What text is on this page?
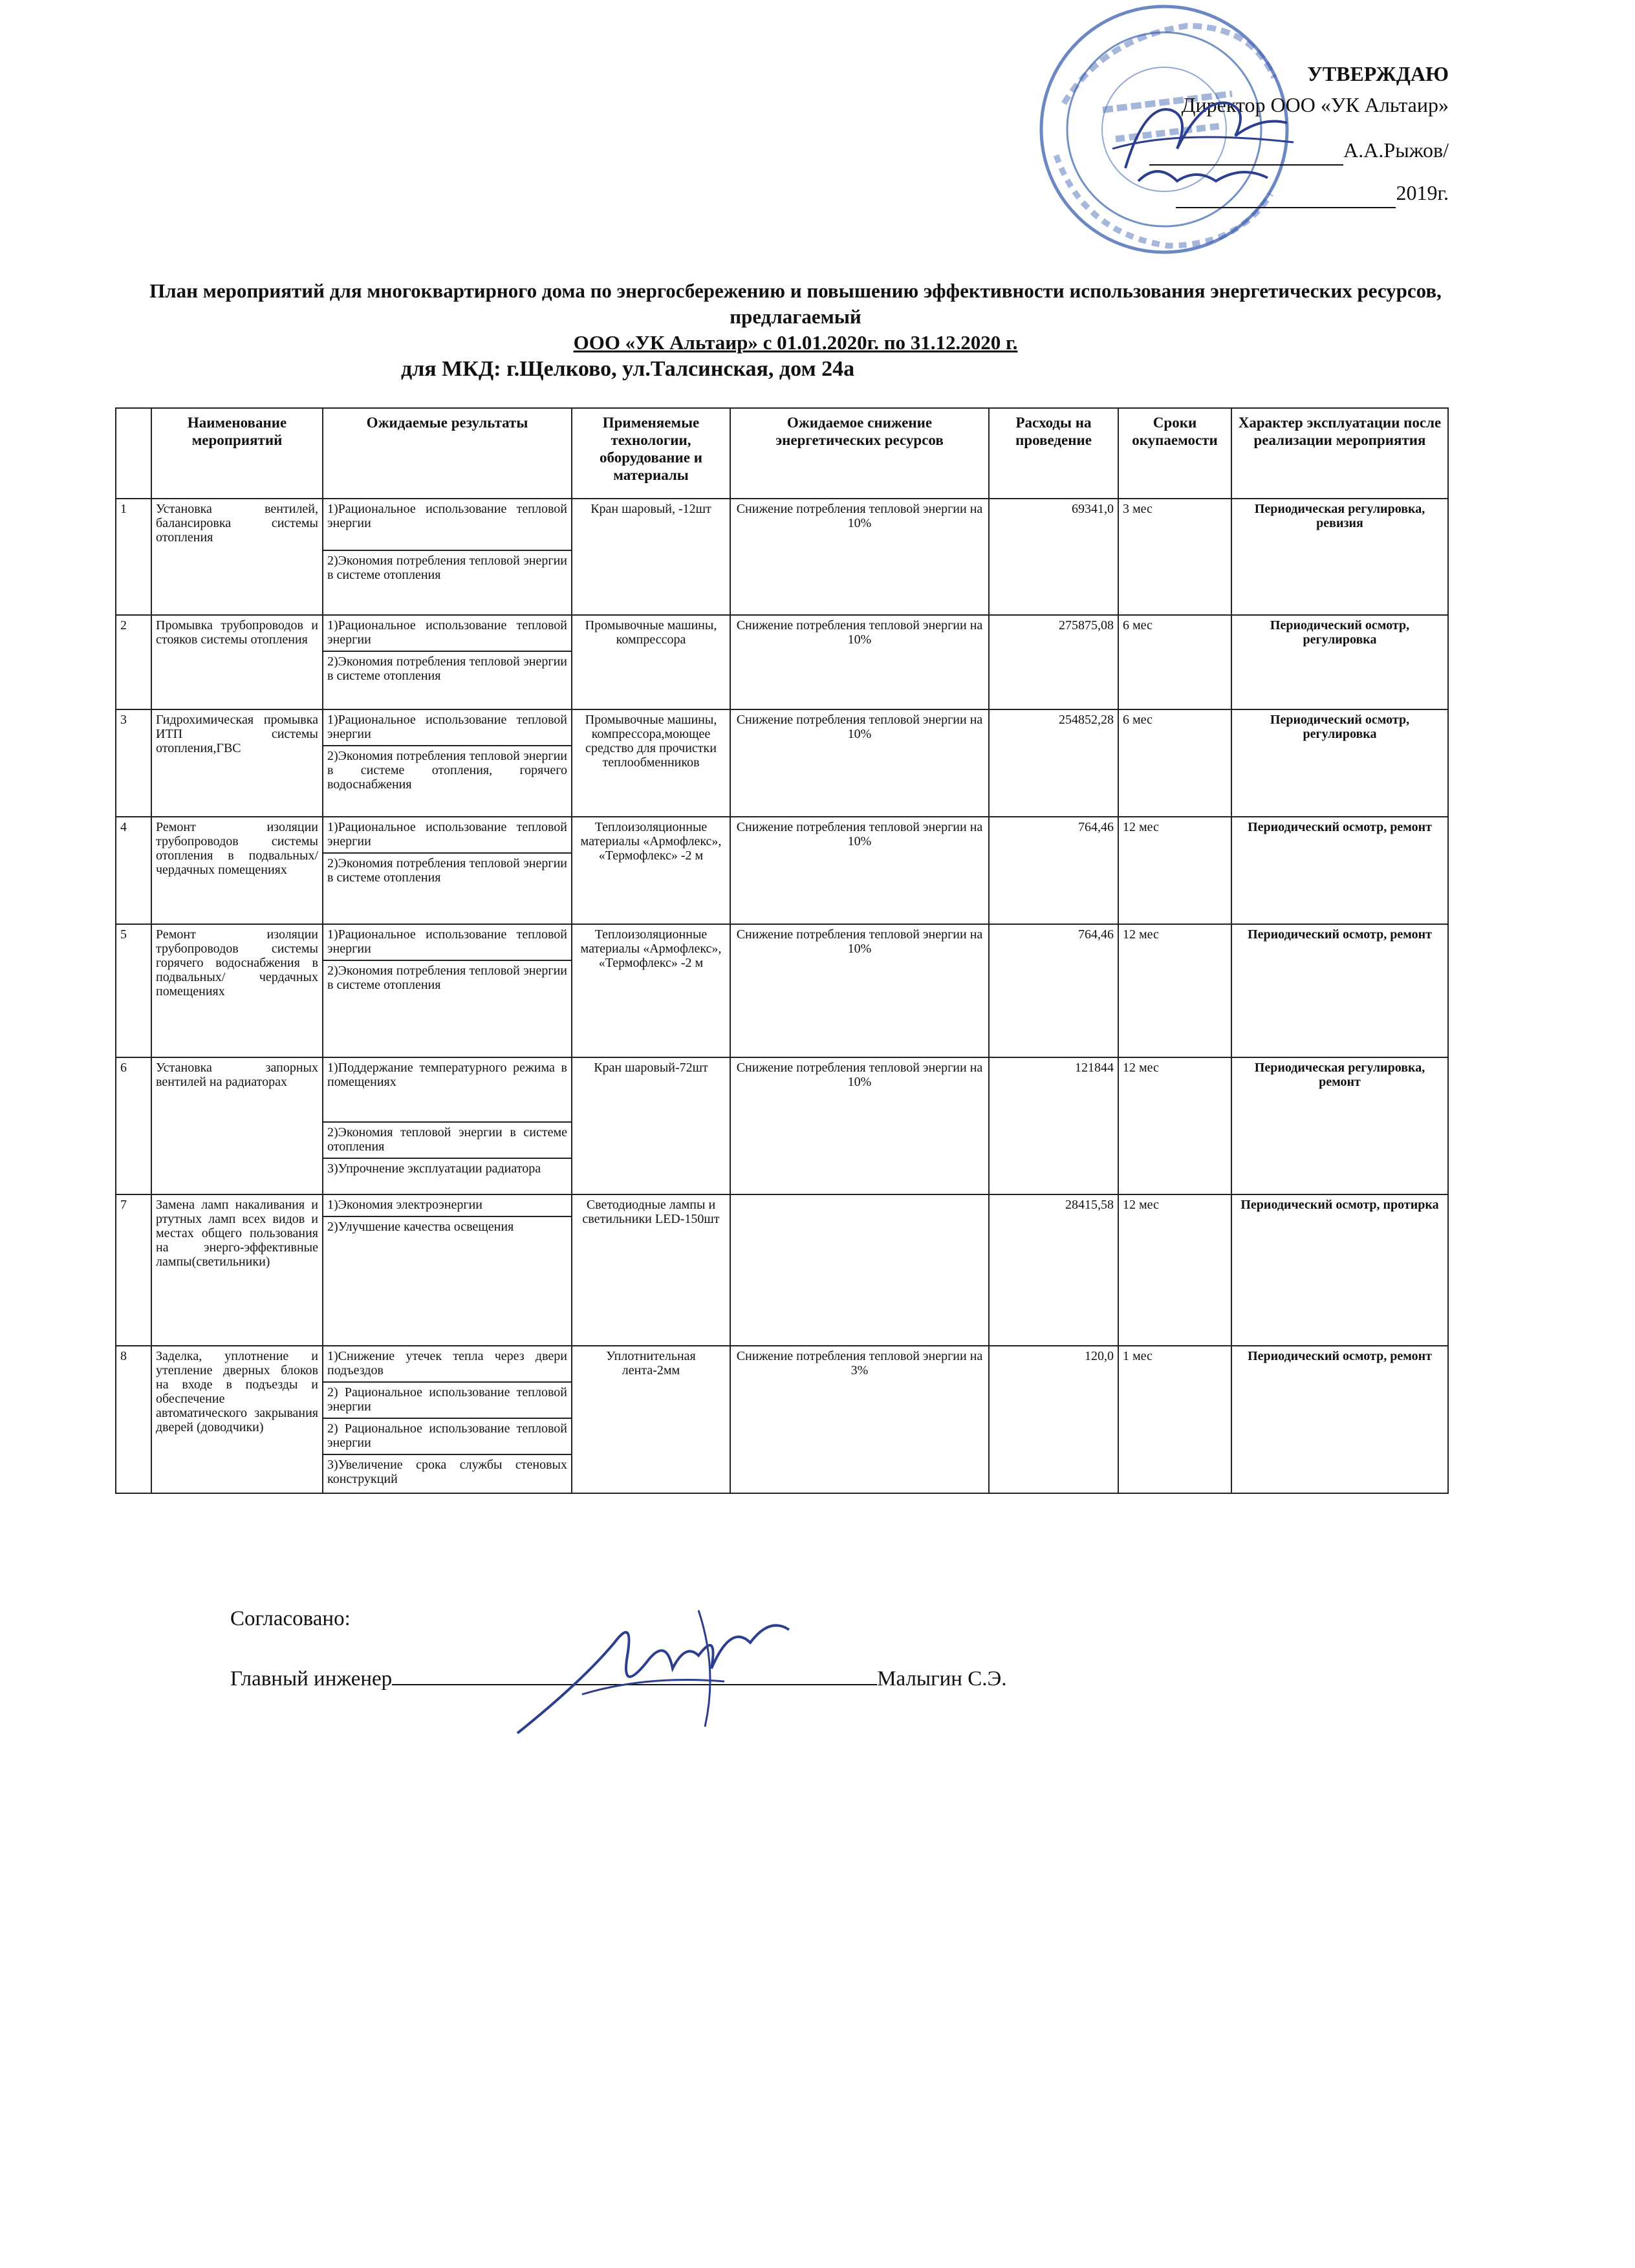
УТВЕРЖДАЮ
Директор ООО «УК Альтаир»
А.А.Рыжов/
2019г.
План мероприятий для многоквартирного дома по энергосбережению и повышению эффективности использования энергетических ресурсов, предлагаемый
ООО «УК Альтаир» с 01.01.2020г. по 31.12.2020 г.
для МКД: г.Щелково, ул.Талсинская, дом 24а
	Наименование мероприятий	Ожидаемые результаты	Применяемые технологии, оборудование и материалы	Ожидаемое снижение энергетических ресурсов	Расходы на проведение	Сроки окупаемости	Характер эксплуатации после реализации мероприятия
1	Установка вентилей, балансировка системы отопления	1)Рациональное использование тепловой энергии	Кран шаровый, -12шт	Снижение потребления тепловой энергии на 10%	69341,0	3 мес	Периодическая регулировка, ревизия
		2)Экономия потребления тепловой энергии в системе отопления					
2	Промывка трубопроводов и стояков системы отопления	1)Рациональное использование тепловой энергии	Промывочные машины, компрессора	Снижение потребления тепловой энергии на 10%	275875,08	6 мес	Периодический осмотр, регулировка
		2)Экономия потребления тепловой энергии в системе отопления					
3	Гидрохимическая промывка ИТП системы отопления,ГВС	1)Рациональное использование тепловой энергии	Промывочные машины, компрессора,моющее средство для прочистки теплообменников	Снижение потребления тепловой энергии на 10%	254852,28	6 мес	Периодический осмотр, регулировка
		2)Экономия потребления тепловой энергии в системе отопления, горячего водоснабжения					
4	Ремонт изоляции трубопроводов системы отопления в подвальных/ чердачных помещениях	1)Рациональное использование тепловой энергии	Теплоизоляционные материалы «Армофлекс», «Термофлекс» -2 м	Снижение потребления тепловой энергии на 10%	764,46	12 мес	Периодический осмотр, ремонт
		2)Экономия потребления тепловой энергии в системе отопления					
5	Ремонт изоляции трубопроводов системы горячего водоснабжения в подвальных/ чердачных помещениях	1)Рациональное использование тепловой энергии	Теплоизоляционные материалы «Армофлекс», «Термофлекс» -2 м	Снижение потребления тепловой энергии на 10%	764,46	12 мес	Периодический осмотр, ремонт
		2)Экономия потребления тепловой энергии в системе отопления					
6	Установка запорных вентилей на радиаторах	1)Поддержание температурного режима в помещениях	Кран шаровый-72шт	Снижение потребления тепловой энергии на 10%	121844	12 мес	Периодическая регулировка, ремонт
		2)Экономия тепловой энергии в системе отопления					
		3)Упрочнение эксплуатации радиатора					
7	Замена ламп накаливания и ртутных ламп всех видов и местах общего пользования на энерго-эффективные лампы(светильники)	1)Экономия электроэнергии	Светодиодные лампы и светильники LED-150шт		28415,58	12 мес	Периодический осмотр, протирка
		2)Улучшение качества освещения					
8	Заделка, уплотнение и утепление дверных блоков на входе в подъезды и обеспечение автоматического закрывания дверей (доводчики)	1)Снижение утечек тепла через двери подъездов	Уплотнительная лента-2мм	Снижение потребления тепловой энергии на 3%	120,0	1 мес	Периодический осмотр, ремонт
		2) Рациональное использование тепловой энергии					
		2) Рациональное использование тепловой энергии					
		3)Увеличение срока службы стеновых конструкций					
Согласовано:
Главный инженер	Малыгин С.Э.
